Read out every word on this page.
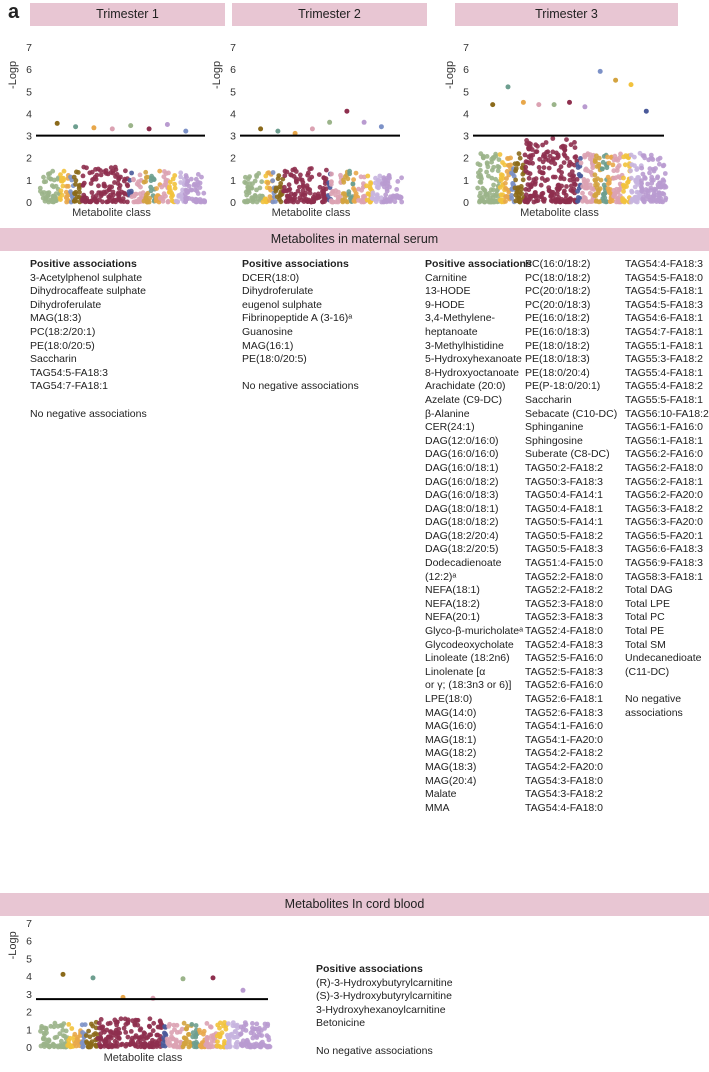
a	Trimester 1	Trimester 2	Trimester 3
Metabolites in maternal serum
Metabolites In cord blood
0
1
2
3
4
5
6
7
-Logp
Metabolite class
0
1
2
3
4
5
6
7
-Logp
Metabolite class
0
1
2
3
4
5
6
7
-Logp
Metabolite class
0
1
2
3
4
5
6
7
-Logp
Metabolite class
Positive associations
3-Acetylphenol sulphate
Dihydrocaffeate sulphate
Dihydroferulate
MAG(18:3)
PC(18:2/20:1)
PE(18:0/20:5)
Saccharin
TAG54:5-FA18:3
TAG54:7-FA18:1
No negative associations
Positive associations
DCER(18:0)
Dihydroferulate
eugenol sulphate
Fibrinopeptide A (3-16)ᵃ
Guanosine
MAG(16:1)
PE(18:0/20:5)
No negative associations
Positive associations
Carnitine
13-HODE
9-HODE
3,4-Methylene-
heptanoate
3-Methylhistidine
5-Hydroxyhexanoate
8-Hydroxyoctanoate
Arachidate (20:0)
Azelate (C9-DC)
β-Alanine
CER(24:1)
DAG(12:0/16:0)
DAG(16:0/16:0)
DAG(16:0/18:1)
DAG(16:0/18:2)
DAG(16:0/18:3)
DAG(18:0/18:1)
DAG(18:0/18:2)
DAG(18:2/20:4)
DAG(18:2/20:5)
Dodecadienoate
(12:2)ᵃ
NEFA(18:1)
NEFA(18:2)
NEFA(20:1)
Glyco-β-muricholateᵃ
Glycodeoxycholate
Linoleate (18:2n6)
Linolenate [α
or γ; (18:3n3 or 6)]
LPE(18:0)
MAG(14:0)
MAG(16:0)
MAG(18:1)
MAG(18:2)
MAG(18:3)
MAG(20:4)
Malate
MMA
PC(16:0/18:2)
PC(18:0/18:2)
PC(20:0/18:2)
PC(20:0/18:3)
PE(16:0/18:2)
PE(16:0/18:3)
PE(18:0/18:2)
PE(18:0/18:3)
PE(18:0/20:4)
PE(P-18:0/20:1)
Saccharin
Sebacate (C10-DC)
Sphinganine
Sphingosine
Suberate (C8-DC)
TAG50:2-FA18:2
TAG50:3-FA18:3
TAG50:4-FA14:1
TAG50:4-FA18:1
TAG50:5-FA14:1
TAG50:5-FA18:2
TAG50:5-FA18:3
TAG51:4-FA15:0
TAG52:2-FA18:0
TAG52:2-FA18:2
TAG52:3-FA18:0
TAG52:3-FA18:3
TAG52:4-FA18:0
TAG52:4-FA18:3
TAG52:5-FA16:0
TAG52:5-FA18:3
TAG52:6-FA16:0
TAG52:6-FA18:1
TAG52:6-FA18:3
TAG54:1-FA16:0
TAG54:1-FA20:0
TAG54:2-FA18:2
TAG54:2-FA20:0
TAG54:3-FA18:0
TAG54:3-FA18:2
TAG54:4-FA18:0
TAG54:4-FA18:3
TAG54:5-FA18:0
TAG54:5-FA18:1
TAG54:5-FA18:3
TAG54:6-FA18:1
TAG54:7-FA18:1
TAG55:1-FA18:1
TAG55:3-FA18:2
TAG55:4-FA18:1
TAG55:4-FA18:2
TAG55:5-FA18:1
TAG56:10-FA18:2
TAG56:1-FA16:0
TAG56:1-FA18:1
TAG56:2-FA16:0
TAG56:2-FA18:0
TAG56:2-FA18:1
TAG56:2-FA20:0
TAG56:3-FA18:2
TAG56:3-FA20:0
TAG56:5-FA20:1
TAG56:6-FA18:3
TAG56:9-FA18:3
TAG58:3-FA18:1
Total DAG
Total LPE
Total PC
Total PE
Total SM
Undecanedioate
(C11-DC)
No negative
associations
Positive associations
(R)-3-Hydroxybutyrylcarnitine
(S)-3-Hydroxybutyrylcarnitine
3-Hydroxyhexanoylcarnitine
Betonicine
No negative associations
